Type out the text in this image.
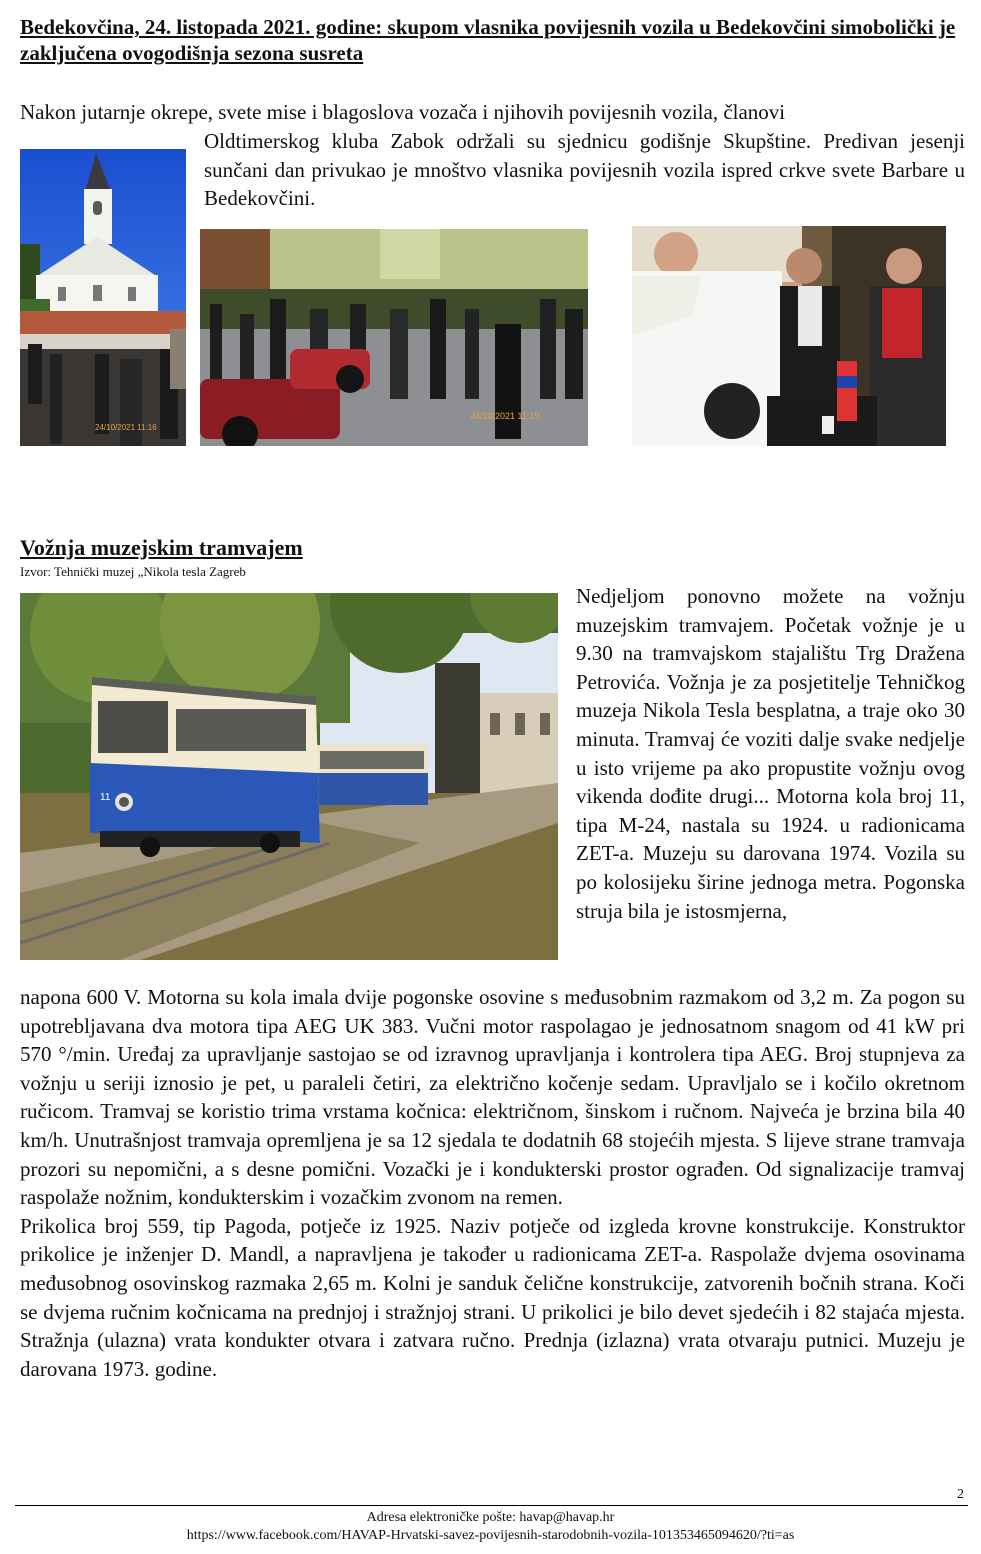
Bedekovčina, 24. listopada 2021. godine: skupom vlasnika povijesnih vozila u Bedekovčini simobolički je zaključena ovogodišnja sezona susreta

Nakon jutarnje okrepe, svete mise i blagoslova vozača i njihovih povijesnih vozila, članovi

Oldtimerskog kluba Zabok održali su sjednicu godišnje Skupštine. Predivan jesenji sunčani dan privukao je mnoštvo vlasnika povijesnih vozila ispred crkve svete Barbare u Bedekovčini.

24/10/2021 11:16
24/10/2021 11:19
Vožnja muzejskim tramvajem
Izvor: Tehnički muzej „Nikola tesla Zagreb
11

Nedjeljom ponovno možete na vožnju muzejskim tramvajem. Početak vožnje je u 9.30 na tramvajskom stajalištu Trg Dražena Petrovića. Vožnja je za posjetitelje Tehničkog muzeja Nikola Tesla besplatna, a traje oko 30 minuta. Tramvaj će voziti dalje svake nedjelje u isto vrijeme pa ako propustite vožnju ovog vikenda dođite drugi... Motorna kola broj 11, tipa M-24, nastala su 1924. u radionicama ZET-a. Muzeju su darovana 1974. Vozila su po kolosijeku širine jednoga metra. Pogonska struja bila je istosmjerna,

napona 600 V. Motorna su kola imala dvije pogonske osovine s međusobnim razmakom od 3,2 m. Za pogon su upotrebljavana dva motora tipa AEG UK 383. Vučni motor raspolagao je jednosatnom snagom od 41 kW pri 570 °/min. Uređaj za upravljanje sastojao se od izravnog upravljanja i kontrolera tipa AEG. Broj stupnjeva za vožnju u seriji iznosio je pet, u paraleli četiri, za električno kočenje sedam. Upravljalo se i kočilo okretnom ručicom. Tramvaj se koristio trima vrstama kočnica: električnom, šinskom i ručnom. Najveća je brzina bila 40 km/h. Unutrašnjost tramvaja opremljena je sa 12 sjedala te dodatnih 68 stojećih mjesta. S lijeve strane tramvaja prozori su nepomični, a s desne pomični. Vozački je i kondukterski prostor ograđen. Od signalizacije tramvaj raspolaže nožnim, kondukterskim i vozačkim zvonom na remen.
Prikolica broj 559, tip Pagoda, potječe iz 1925. Naziv potječe od izgleda krovne konstrukcije. Konstruktor prikolice je inženjer D. Mandl, a napravljena je također u radionicama ZET-a. Raspolaže dvjema osovinama međusobnog osovinskog razmaka 2,65 m. Kolni je sanduk čelične konstrukcije, zatvorenih bočnih strana. Koči se dvjema ručnim kočnicama na prednjoj i stražnjoj strani. U prikolici je bilo devet sjedećih i 82 stajaća mjesta. Stražnja (ulazna) vrata kondukter otvara i zatvara ručno. Prednja (izlazna) vrata otvaraju putnici. Muzeju je darovana 1973. godine.

2
Adresa elektroničke pošte: havap@havap.hr
https://www.facebook.com/HAVAP-Hrvatski-savez-povijesnih-starodobnih-vozila-101353465094620/?ti=as
